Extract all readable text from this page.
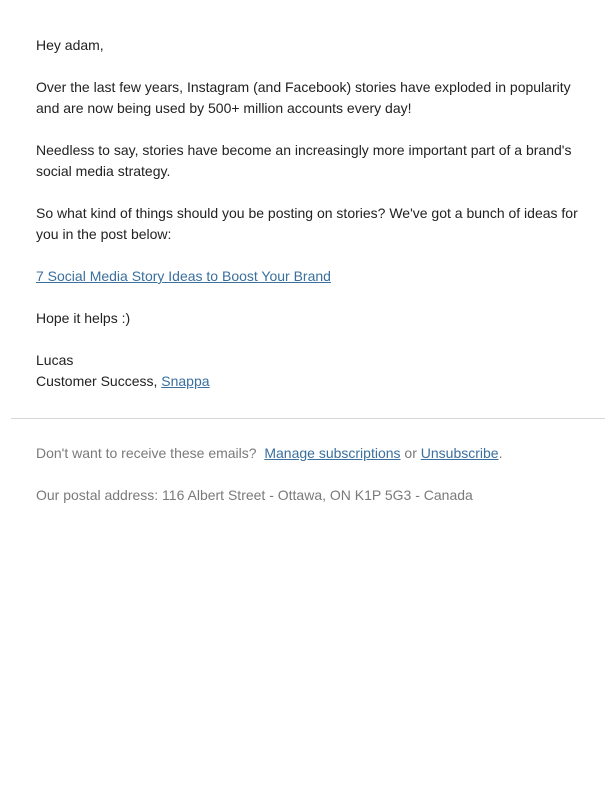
Hey adam,

Over the last few years, Instagram (and Facebook) stories have exploded in popularity and are now being used by 500+ million accounts every day!

Needless to say, stories have become an increasingly more important part of a brand's social media strategy.

So what kind of things should you be posting on stories? We've got a bunch of ideas for you in the post below:

7 Social Media Story Ideas to Boost Your Brand

Hope it helps :)

Lucas

Customer Success, Snappa

Don't want to receive these emails? Manage subscriptions or Unsubscribe.

Our postal address: 116 Albert Street - Ottawa, ON K1P 5G3 - Canada
